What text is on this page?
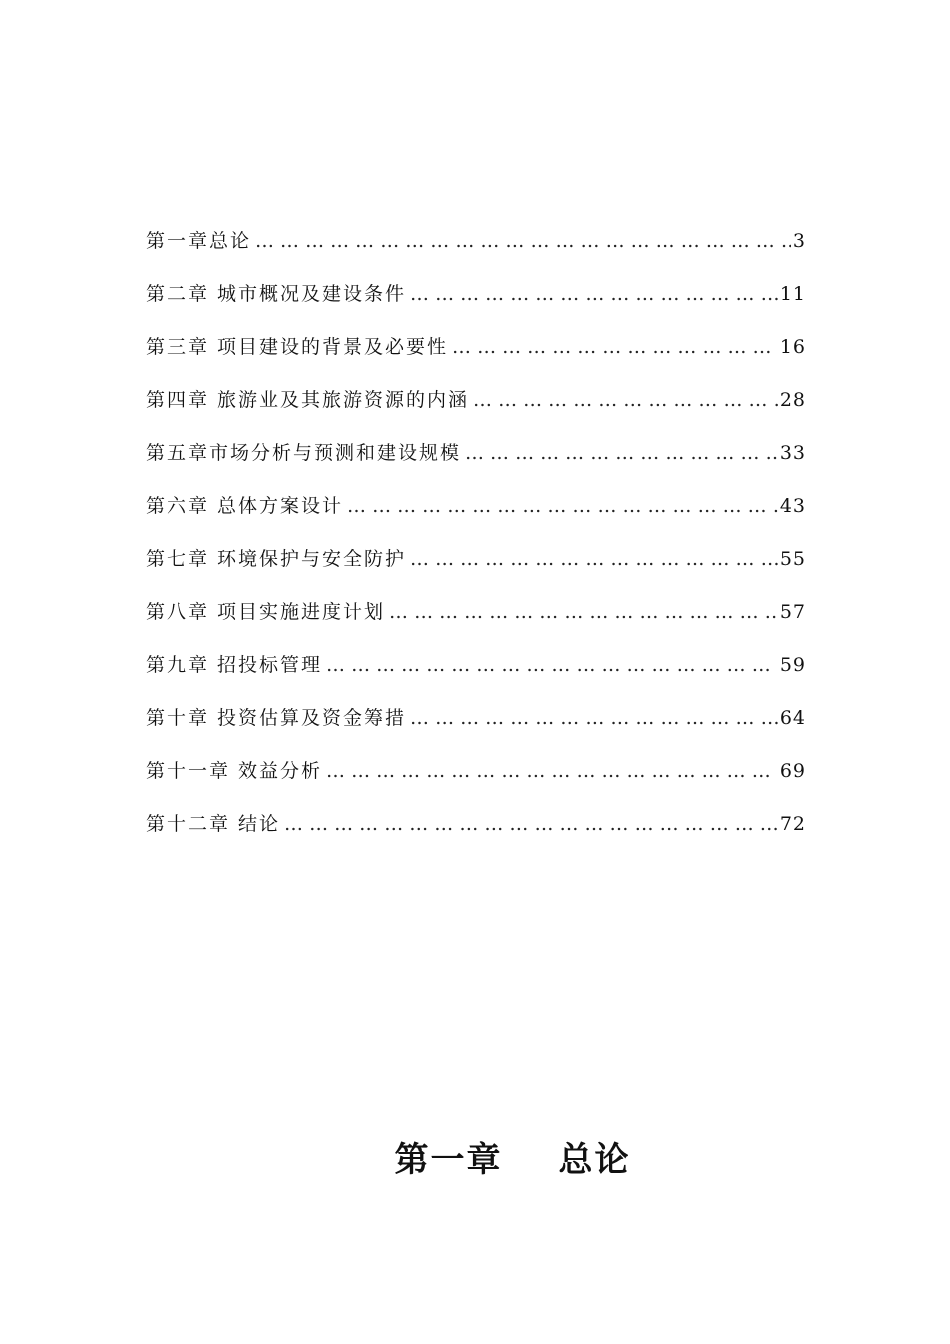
第一章总论 … … … … … … … … … … … … … … … … … … … … … … … … … … … … … … … … … … … … … … … … … …	3
第二章 城市概况及建设条件 … … … … … … … … … … … … … … … … … … … … … … … … … … … … … … … … … … … … … … … … … …	11
第三章 项目建设的背景及必要性 … … … … … … … … … … … … … … … … … … … … … … … … … … … … … … … … … … … … … … … … … …	16
第四章 旅游业及其旅游资源的内涵 … … … … … … … … … … … … … … … … … … … … … … … … … … … … … … … … … … … … … … … … … …	28
第五章市场分析与预测和建设规模 … … … … … … … … … … … … … … … … … … … … … … … … … … … … … … … … … … … … … … … … … …	33
第六章 总体方案设计 … … … … … … … … … … … … … … … … … … … … … … … … … … … … … … … … … … … … … … … … … …	43
第七章 环境保护与安全防护 … … … … … … … … … … … … … … … … … … … … … … … … … … … … … … … … … … … … … … … … … …	55
第八章 项目实施进度计划 … … … … … … … … … … … … … … … … … … … … … … … … … … … … … … … … … … … … … … … … … …	57
第九章 招投标管理 … … … … … … … … … … … … … … … … … … … … … … … … … … … … … … … … … … … … … … … … … …	59
第十章 投资估算及资金筹措 … … … … … … … … … … … … … … … … … … … … … … … … … … … … … … … … … … … … … … … … … …	64
第十一章 效益分析 … … … … … … … … … … … … … … … … … … … … … … … … … … … … … … … … … … … … … … … … … …	69
第十二章 结论 … … … … … … … … … … … … … … … … … … … … … … … … … … … … … … … … … … … … … … … … … …	72
第一章 总论
